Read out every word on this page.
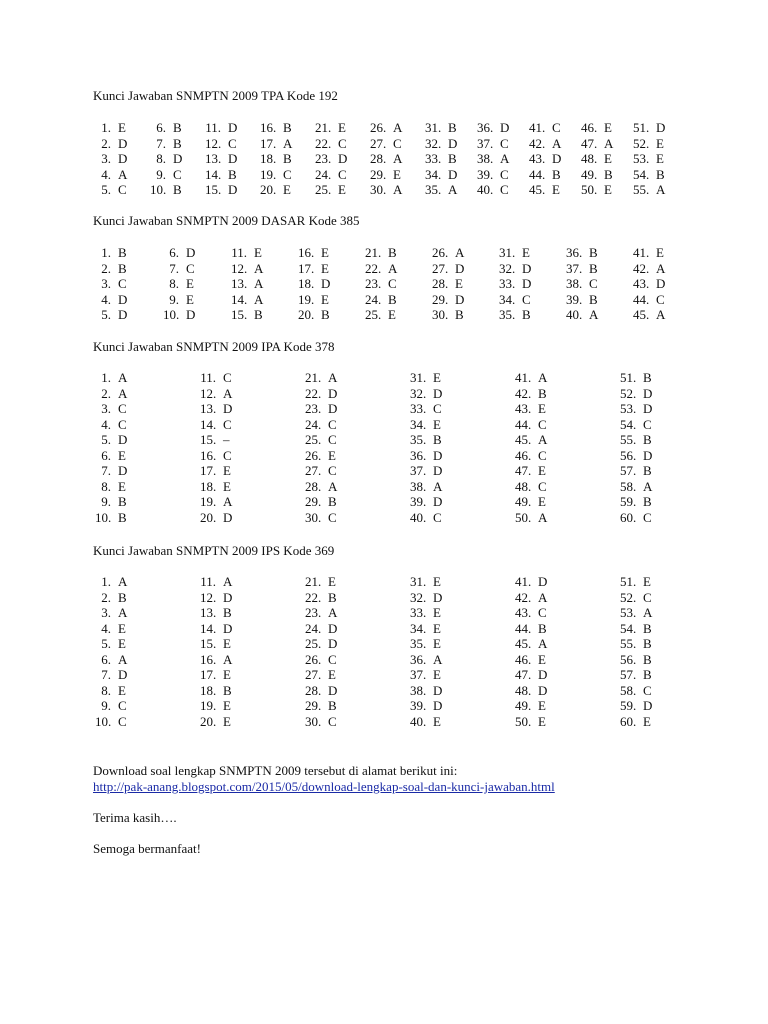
Kunci Jawaban SNMPTN 2009 TPA Kode 192
1. E
2. D
3. D
4. A
5. C
6. B
7. B
8. D
9. C
10. B
11. D
12. C
13. D
14. B
15. D
16. B
17. A
18. B
19. C
20. E
21. E
22. C
23. D
24. C
25. E
26. A
27. C
28. A
29. E
30. A
31. B
32. D
33. B
34. D
35. A
36. D
37. C
38. A
39. C
40. C
41. C
42. A
43. D
44. B
45. E
46. E
47. A
48. E
49. B
50. E
51. D
52. E
53. E
54. B
55. A
Kunci Jawaban SNMPTN 2009 DASAR Kode 385
1. B
2. B
3. C
4. D
5. D
6. D
7. C
8. E
9. E
10. D
11. E
12. A
13. A
14. A
15. B
16. E
17. E
18. D
19. E
20. B
21. B
22. A
23. C
24. B
25. E
26. A
27. D
28. E
29. D
30. B
31. E
32. D
33. D
34. C
35. B
36. B
37. B
38. C
39. B
40. A
41. E
42. A
43. D
44. C
45. A
Kunci Jawaban SNMPTN 2009 IPA Kode 378
1. A
2. A
3. C
4. C
5. D
6. E
7. D
8. E
9. B
10. B
11. C
12. A
13. D
14. C
15. –
16. C
17. E
18. E
19. A
20. D
21. A
22. D
23. D
24. C
25. C
26. E
27. C
28. A
29. B
30. C
31. E
32. D
33. C
34. E
35. B
36. D
37. D
38. A
39. D
40. C
41. A
42. B
43. E
44. C
45. A
46. C
47. E
48. C
49. E
50. A
51. B
52. D
53. D
54. C
55. B
56. D
57. B
58. A
59. B
60. C
Kunci Jawaban SNMPTN 2009 IPS Kode 369
1. A
2. B
3. A
4. E
5. E
6. A
7. D
8. E
9. C
10. C
11. A
12. D
13. B
14. D
15. E
16. A
17. E
18. B
19. E
20. E
21. E
22. B
23. A
24. D
25. D
26. C
27. E
28. D
29. B
30. C
31. E
32. D
33. E
34. E
35. E
36. A
37. E
38. D
39. D
40. E
41. D
42. A
43. C
44. B
45. A
46. E
47. D
48. D
49. E
50. E
51. E
52. C
53. A
54. B
55. B
56. B
57. B
58. C
59. D
60. E
Download soal lengkap SNMPTN 2009 tersebut di alamat berikut ini:
http://pak-anang.blogspot.com/2015/05/download-lengkap-soal-dan-kunci-jawaban.html
Terima kasih….
Semoga bermanfaat!
